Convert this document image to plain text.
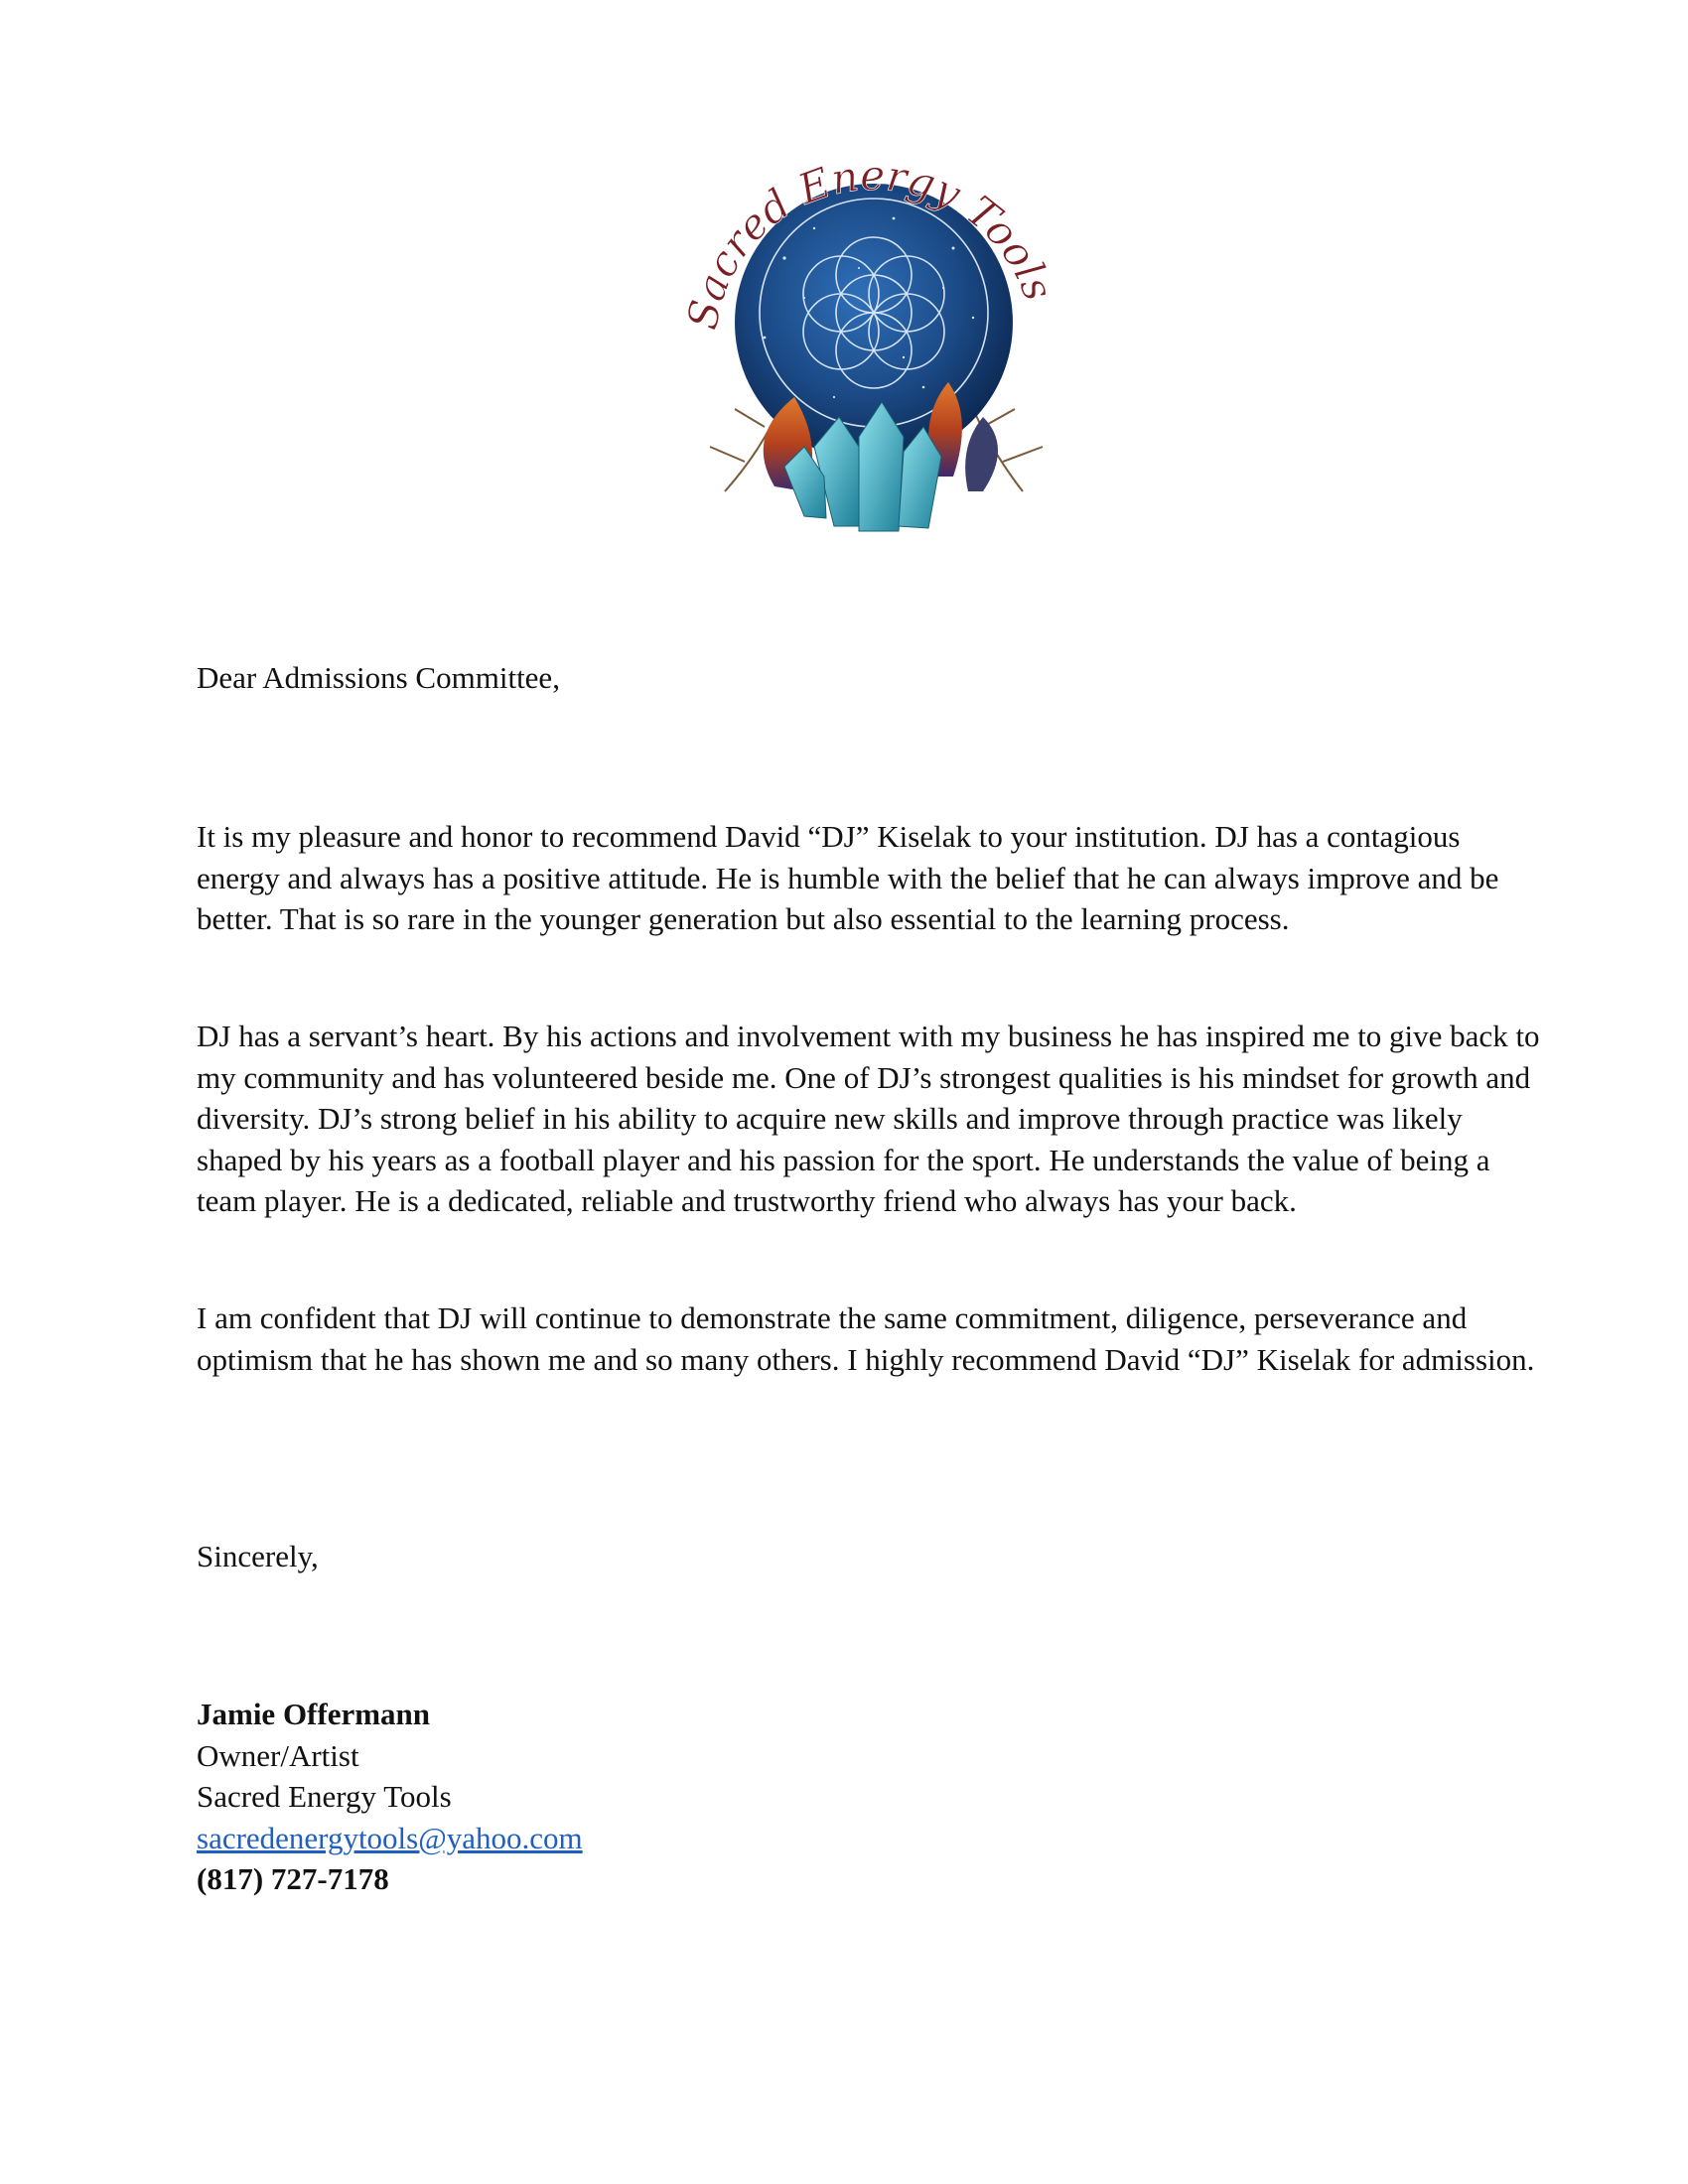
Sacred Energy Tools
Dear Admissions Committee,
It is my pleasure and honor to recommend David “DJ” Kiselak to your institution. DJ has a contagious energy and always has a positive attitude. He is humble with the belief that he can always improve and be better. That is so rare in the younger generation but also essential to the learning process.
DJ has a servant’s heart. By his actions and involvement with my business he has inspired me to give back to my community and has volunteered beside me. One of DJ’s strongest qualities is his mindset for growth and diversity. DJ’s strong belief in his ability to acquire new skills and improve through practice was likely shaped by his years as a football player and his passion for the sport. He understands the value of being a team player. He is a dedicated, reliable and trustworthy friend who always has your back.
I am confident that DJ will continue to demonstrate the same commitment, diligence, perseverance and optimism that he has shown me and so many others. I highly recommend David “DJ” Kiselak for admission.
Sincerely,
Jamie Offermann
Owner/Artist
Sacred Energy Tools
sacredenergytools@yahoo.com
(817) 727-7178
